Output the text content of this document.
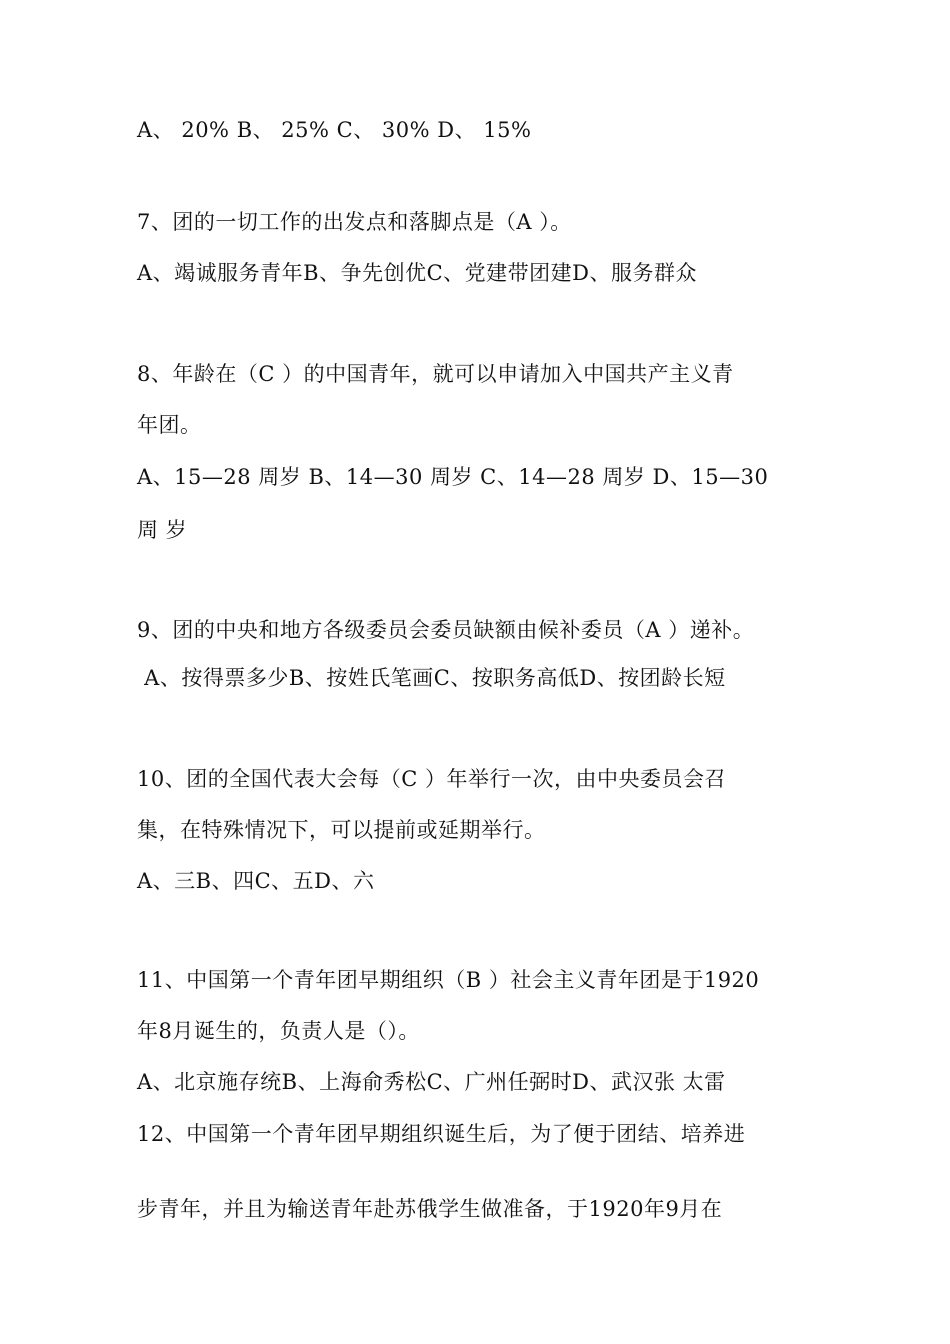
A、 20% B、 25% C、 30% D、 15%
7、团的一切工作的出发点和落脚点是（A ）。
A、竭诚服务青年B、争先创优C、党建带团建D、服务群众
8、年龄在（C ）的中国青年，就可以申请加入中国共产主义青
年团。
A、15—28 周岁 B、14—30 周岁 C、14—28 周岁 D、15—30
周 岁
9、团的中央和地方各级委员会委员缺额由候补委员（A ）递补。
A、按得票多少B、按姓氏笔画C、按职务高低D、按团龄长短
10、团的全国代表大会每（C ）年举行一次，由中央委员会召
集，在特殊情况下，可以提前或延期举行。
A、三B、四C、五D、六
11、中国第一个青年团早期组织（B ）社会主义青年团是于1920
年8月诞生的，负责人是（）。
A、北京施存统B、上海俞秀松C、广州任弼时D、武汉张 太雷
12、中国第一个青年团早期组织诞生后，为了便于团结、培养进
步青年，并且为输送青年赴苏俄学生做准备，于1920年9月在
